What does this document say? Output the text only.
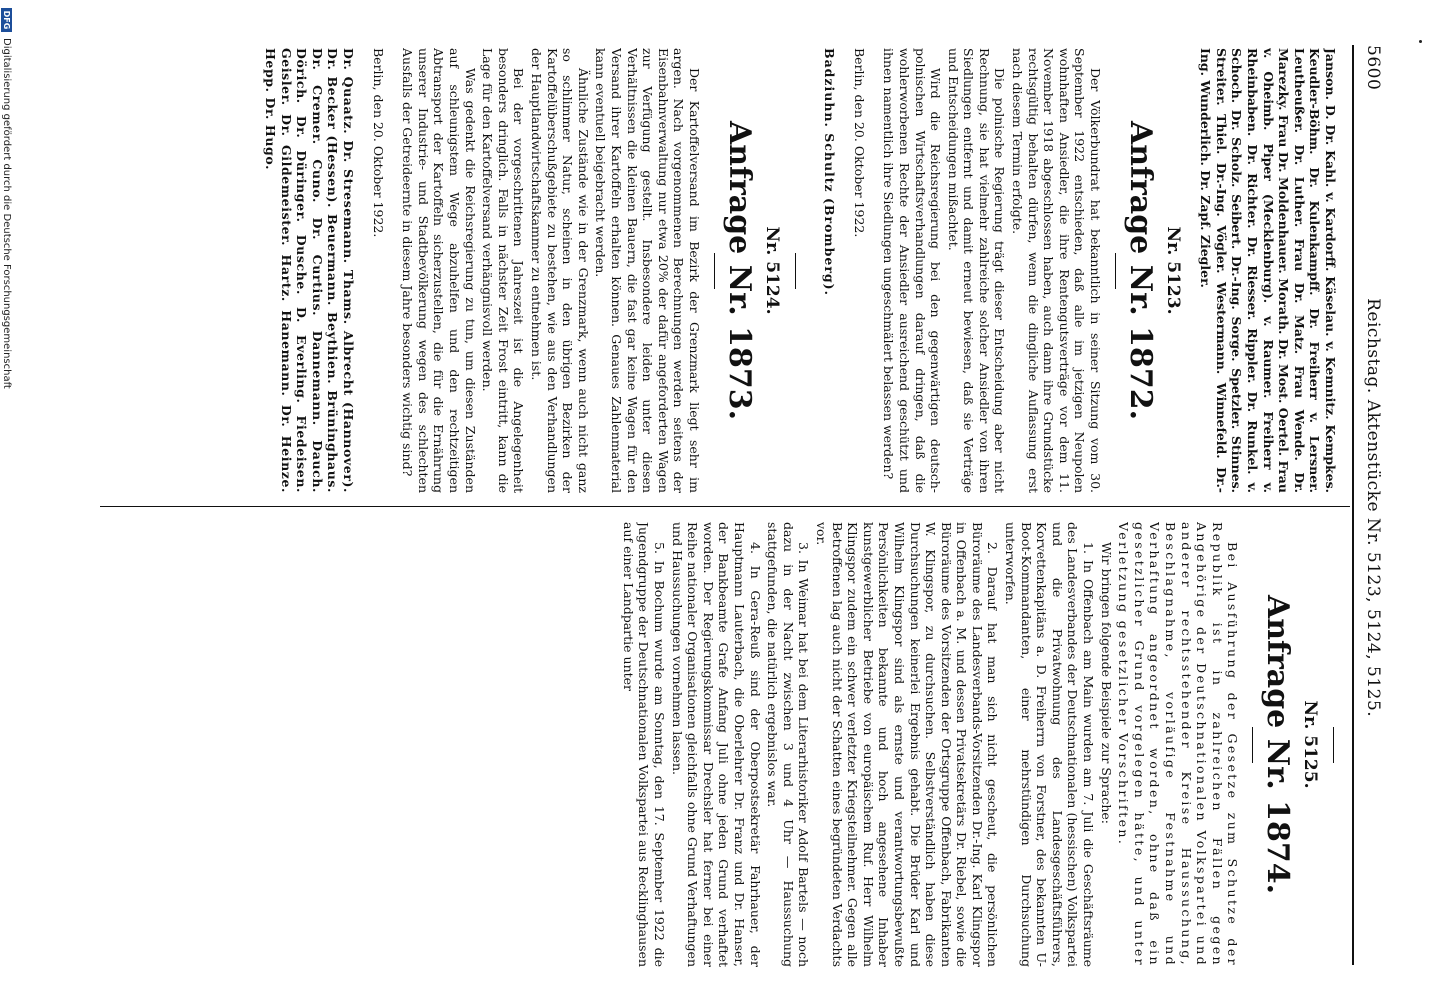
5600
Reichstag. Aktenstücke Nr. 5123, 5124, 5125.

Janson. D. Dr. Kahl. v. Kardorff. Käselau. v. Kemnitz. Kempkes. Keudler-Böhm. Dr. Kulenkampff. Dr. Freiherr v. Lersner. Leutheußer. Dr. Luther. Frau Dr. Matz. Frau Wende. Dr. Marezky. Frau Dr. Moldenhauer. Morath. Dr. Most. Oertel. Frau v. Oheimb. Piper (Mecklenburg). v. Raumer. Freiherr v. Rheinbaben. Dr. Richter. Dr. Riesser. Rippler. Dr. Runkel. v. Schoch. Dr. Scholz. Seibert. Dr.-Ing. Sorge. Spetzler. Stinnes. Streiter. Thiel. Dr.-Ing. Vögler. Westermann. Winnefeld. Dr.-Ing. Wunderlich. Dr. Zapf. Ziegler.

Nr. 5123.
Anfrage Nr. 1872.

Der Völkerbundrat hat bekanntlich in seiner Sitzung vom 30. September 1922 entschieden, daß alle im jetzigen Neupolen wohnhaften Ansiedler, die ihre Rentengutsverträge vor dem 11. November 1918 abgeschlossen haben, auch dann ihre Grundstücke rechtsgültig behalten dürfen, wenn die dingliche Auflassung erst nach diesem Termin erfolgte.

Die polnische Regierung trägt dieser Entscheidung aber nicht Rechnung, sie hat vielmehr zahlreiche solcher Ansiedler von ihren Siedlungen entfernt und damit erneut bewiesen, daß sie Verträge und Entscheidungen mißachtet.

Wird die Reichsregierung bei den gegenwärtigen deutsch-polnischen Wirtschaftsverhandlungen darauf dringen, daß die wohlerworbenen Rechte der Ansiedler ausreichend geschützt und ihnen namentlich ihre Siedlungen ungeschmälert belassen werden?

Berlin, den 20. Oktober 1922.
Badziuhn. Schultz (Bromberg).
Nr. 5124.
Anfrage Nr. 1873.

Der Kartoffelversand im Bezirk der Grenzmark liegt sehr im argen. Nach vorgenommenen Berechnungen werden seitens der Eisenbahnverwaltung nur etwa 20% der dafür angeforderten Wagen zur Verfügung gestellt. Insbesondere leiden unter diesen Verhältnissen die kleinen Bauern, die fast gar keine Wagen für den Versand ihrer Kartoffeln erhalten können. Genaues Zahlenmaterial kann eventuell beigebracht werden.

Ähnliche Zustände wie in der Grenzmark, wenn auch nicht ganz so schlimmer Natur, scheinen in den übrigen Bezirken der Kartoffelüberschußgebiete zu bestehen, wie aus den Verhandlungen der Hauptlandwirtschaftskammer zu entnehmen ist.

Bei der vorgeschrittenen Jahreszeit ist die Angelegenheit besonders dringlich. Falls in nächster Zeit Frost eintritt, kann die Lage für den Kartoffelversand verhängnisvoll werden.

Was gedenkt die Reichsregierung zu tun, um diesen Zuständen auf schleunigstem Wege abzuhelfen und den rechtzeitigen Abtransport der Kartoffeln sicherzustellen, die für die Ernährung unserer Industrie- und Stadtbevölkerung wegen des schlechten Ausfalls der Getreideernte in diesem Jahre besonders wichtig sind?

Berlin, den 20. Oktober 1922.

Dr. Quaatz. Dr. Stresemann. Thams. Albrecht (Hannover). Dr. Becker (Hessen). Beuermann. Beythien. Brüninghaus. Dr. Cremer. Cuno. Dr. Curtius. Dannemann. Dauch. Dörich. Dr. Düringer. Dusche. D. Everling. Fiedeisen. Geisler. Dr. Gildemeister. Hartz. Hanemann. Dr. Heinze. Hepp. Dr. Hugo.

Nr. 5125.
Anfrage Nr. 1874.

Bei Ausführung der Gesetze zum Schutze der Republik ist in zahlreichen Fällen gegen Angehörige der Deutschnationalen Volkspartei und anderer rechtsstehender Kreise Haussuchung, Beschlagnahme, vorläufige Festnahme und Verhaftung angeordnet worden, ohne daß ein gesetzlicher Grund vorgelegen hätte, und unter Verletzung gesetzlicher Vorschriften.

Wir bringen folgende Beispiele zur Sprache:

1. In Offenbach am Main wurden am 7. Juli die Geschäftsräume des Landesverbandes der Deutschnationalen (hessischen) Volkspartei und die Privatwohnung des Landesgeschäftsführers, Korvettenkapitäns a. D. Freiherrn von Forstner, des bekannten U-Boot-Kommandanten, einer mehrstündigen Durchsuchung unterworfen.

2. Darauf hat man sich nicht gescheut, die persönlichen Büroräume des Landesverbands-Vorsitzenden Dr.-Ing. Karl Klingspor in Offenbach a. M. und dessen Privatsekretärs Dr. Riebel, sowie die Büroräume des Vorsitzenden der Ortsgruppe Offenbach, Fabrikanten W. Klingspor, zu durchsuchen. Selbstverständlich haben diese Durchsuchungen keinerlei Ergebnis gehabt. Die Brüder Karl und Wilhelm Klingspor sind als ernste und verantwortungsbewußte Persönlichkeiten bekannte und hoch angesehene Inhaber kunstgewerblicher Betriebe von europäischem Ruf. Herr Wilhelm Klingspor zudem ein schwer verletzter Kriegsteilnehmer. Gegen alle Betroffenen lag auch nicht der Schatten eines begründeten Verdachts vor.

3. In Weimar hat bei dem Literarhistoriker Adolf Bartels — noch dazu in der Nacht zwischen 3 und 4 Uhr — Haussuchung stattgefunden, die natürlich ergebnislos war.

4. In Gera-Reuß sind der Oberpostsekretär Fahrhauer, der Hauptmann Lauterbach, die Oberlehrer Dr. Franz und Dr. Hanser, der Bankbeamte Grafe Anfang Juli ohne jeden Grund verhaftet worden. Der Regierungskommissar Drechsler hat ferner bei einer Reihe nationaler Organisationen gleichfalls ohne Grund Verhaftungen und Haussuchungen vornehmen lassen.

5. In Bochum wurde am Sonntag, den 17. September 1922 die Jugendgruppe der Deutschnationalen Volkspartei aus Recklinghausen auf einer Landpartie unter

DFG
Digitalisierung gefördert durch die Deutsche Forschungsgemeinschaft
